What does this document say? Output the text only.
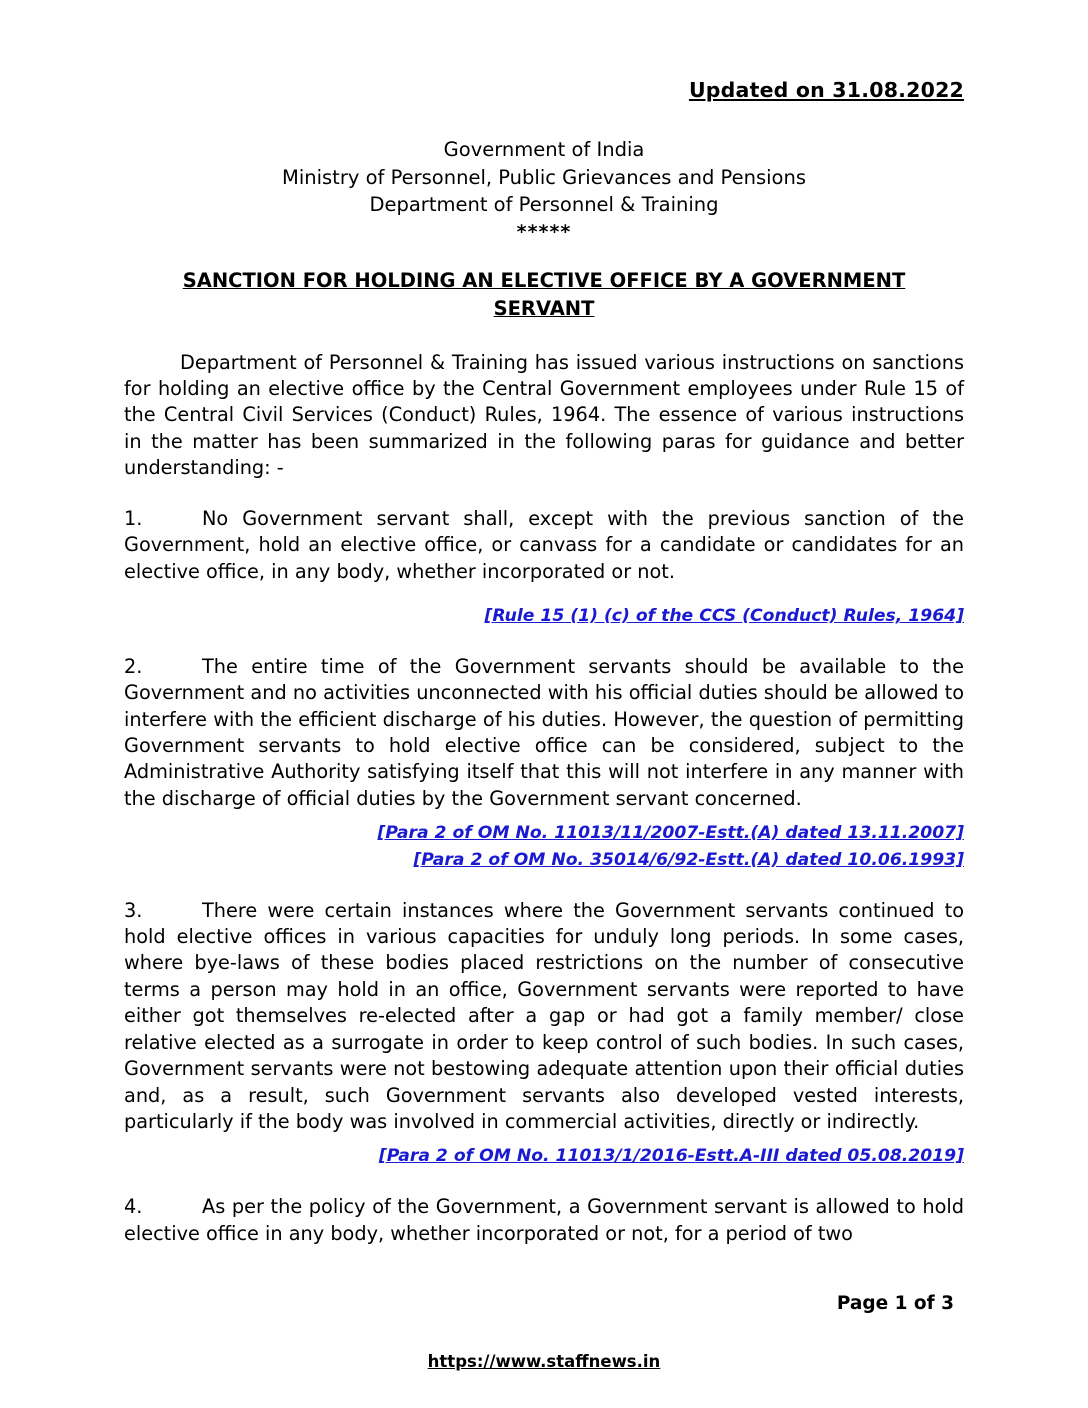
Updated on 31.08.2022
Government of India
Ministry of Personnel, Public Grievances and Pensions
Department of Personnel & Training
*****
SANCTION FOR HOLDING AN ELECTIVE OFFICE BY A GOVERNMENT SERVANT

Department of Personnel & Training has issued various instructions on sanctions for holding an elective office by the Central Government employees under Rule 15 of the Central Civil Services (Conduct) Rules, 1964. The essence of various instructions in the matter has been summarized in the following paras for guidance and better understanding: -

1.	No Government servant shall, except with the previous sanction of the Government, hold an elective office, or canvass for a candidate or candidates for an elective office, in any body, whether incorporated or not.

[Rule 15 (1) (c) of the CCS (Conduct) Rules, 1964]

2.	The entire time of the Government servants should be available to the Government and no activities unconnected with his official duties should be allowed to interfere with the efficient discharge of his duties. However, the question of permitting Government servants to hold elective office can be considered, subject to the Administrative Authority satisfying itself that this will not interfere in any manner with the discharge of official duties by the Government servant concerned.

[Para 2 of OM No. 11013/11/2007-Estt.(A) dated 13.11.2007]
[Para 2 of OM No. 35014/6/92-Estt.(A) dated 10.06.1993]

3.	There were certain instances where the Government servants continued to hold elective offices in various capacities for unduly long periods. In some cases, where bye-laws of these bodies placed restrictions on the number of consecutive terms a person may hold in an office, Government servants were reported to have either got themselves re-elected after a gap or had got a family member/ close relative elected as a surrogate in order to keep control of such bodies. In such cases, Government servants were not bestowing adequate attention upon their official duties and, as a result, such Government servants also developed vested interests, particularly if the body was involved in commercial activities, directly or indirectly.

[Para 2 of OM No. 11013/1/2016-Estt.A-III dated 05.08.2019]

4.	As per the policy of the Government, a Government servant is allowed to hold elective office in any body, whether incorporated or not, for a period of two

Page 1 of 3
https://www.staffnews.in
